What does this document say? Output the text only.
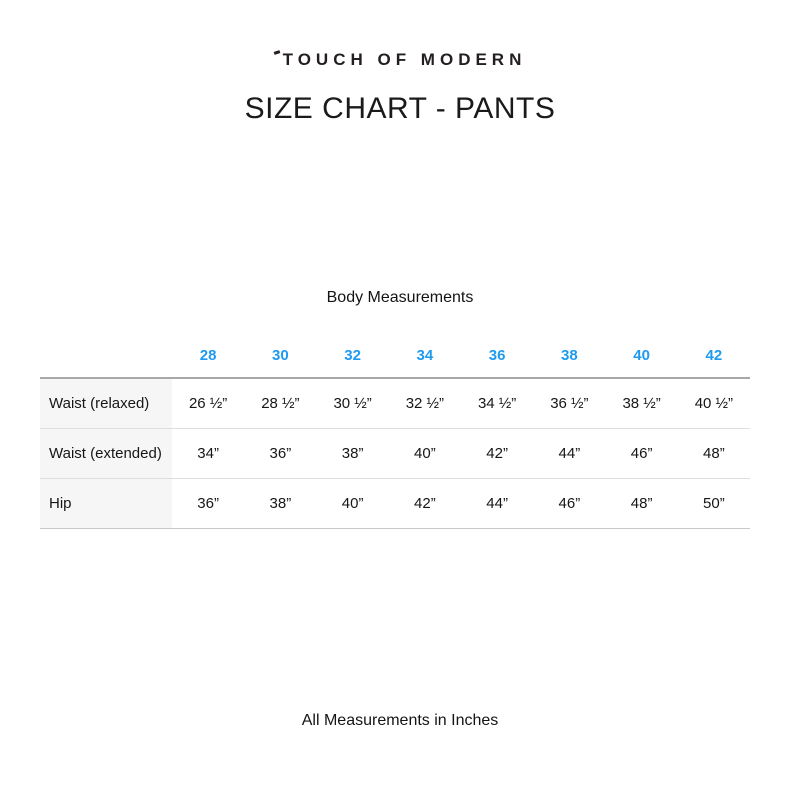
TOUCH OF MODERN
SIZE CHART - PANTS
Body Measurements
	28	30	32	34	36	38	40	42
Waist (relaxed)	26 ½”	28 ½”	30 ½”	32 ½”	34 ½”	36 ½”	38 ½”	40 ½”
Waist (extended)	34”	36”	38”	40”	42”	44”	46”	48”
Hip	36”	38”	40”	42”	44”	46”	48”	50”
All Measurements in Inches
